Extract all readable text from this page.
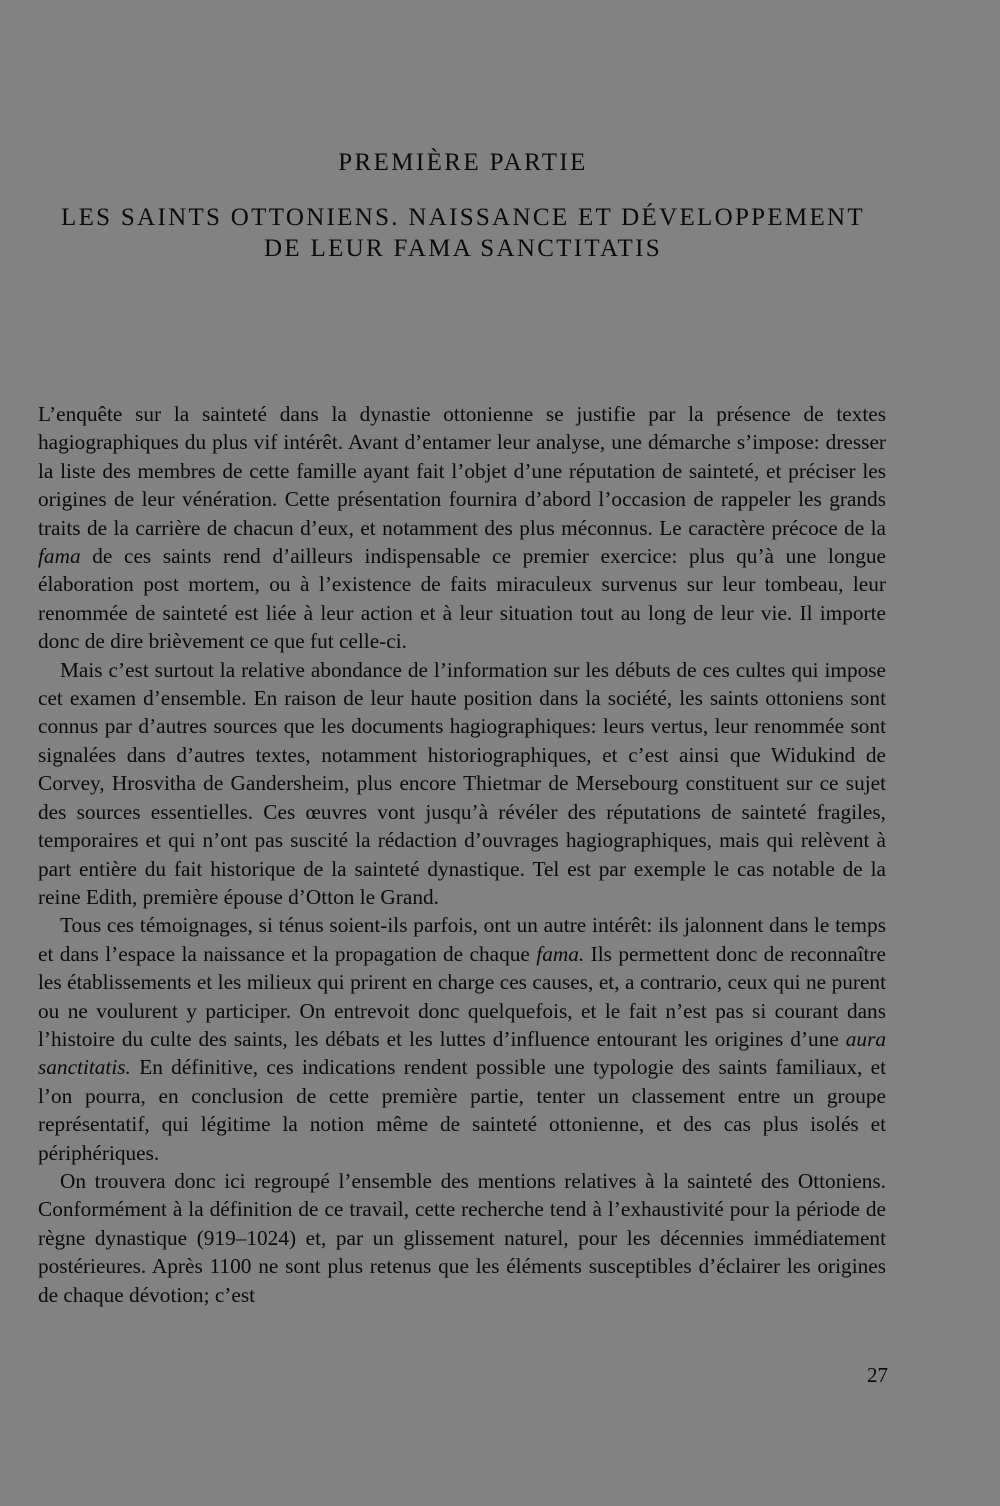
PREMIÈRE PARTIE
LES SAINTS OTTONIENS. NAISSANCE ET DÉVELOPPEMENT
DE LEUR FAMA SANCTITATIS

L’enquête sur la sainteté dans la dynastie ottonienne se justifie par la présence de textes hagiographiques du plus vif intérêt. Avant d’entamer leur analyse, une démarche s’impose: dresser la liste des membres de cette famille ayant fait l’objet d’une réputation de sainteté, et préciser les origines de leur vénération. Cette présentation fournira d’abord l’occasion de rappeler les grands traits de la carrière de chacun d’eux, et notamment des plus méconnus. Le caractère précoce de la fama de ces saints rend d’ailleurs indispensable ce premier exercice: plus qu’à une longue élaboration post mortem, ou à l’existence de faits miraculeux survenus sur leur tombeau, leur renommée de sainteté est liée à leur action et à leur situation tout au long de leur vie. Il importe donc de dire brièvement ce que fut celle-ci.

Mais c’est surtout la relative abondance de l’information sur les débuts de ces cultes qui impose cet examen d’ensemble. En raison de leur haute position dans la société, les saints ottoniens sont connus par d’autres sources que les documents hagiographiques: leurs vertus, leur renommée sont signalées dans d’autres textes, notamment historiographiques, et c’est ainsi que Widukind de Corvey, Hrosvitha de Gandersheim, plus encore Thietmar de Mersebourg constituent sur ce sujet des sources essentielles. Ces œuvres vont jusqu’à révéler des réputations de sainteté fragiles, temporaires et qui n’ont pas suscité la rédaction d’ouvrages hagiographiques, mais qui relèvent à part entière du fait historique de la sainteté dynastique. Tel est par exemple le cas notable de la reine Edith, première épouse d’Otton le Grand.

Tous ces témoignages, si ténus soient-ils parfois, ont un autre intérêt: ils jalonnent dans le temps et dans l’espace la naissance et la propagation de chaque fama. Ils permettent donc de reconnaître les établissements et les milieux qui prirent en charge ces causes, et, a contrario, ceux qui ne purent ou ne voulurent y participer. On entrevoit donc quelquefois, et le fait n’est pas si courant dans l’histoire du culte des saints, les débats et les luttes d’influence entourant les origines d’une aura sanctitatis. En définitive, ces indications rendent possible une typologie des saints familiaux, et l’on pourra, en conclusion de cette première partie, tenter un classement entre un groupe représentatif, qui légitime la notion même de sainteté ottonienne, et des cas plus isolés et périphériques.

On trouvera donc ici regroupé l’ensemble des mentions relatives à la sainteté des Ottoniens. Conformément à la définition de ce travail, cette recherche tend à l’exhaustivité pour la période de règne dynastique (919–1024) et, par un glissement naturel, pour les décennies immédiatement postérieures. Après 1100 ne sont plus retenus que les éléments susceptibles d’éclairer les origines de chaque dévotion; c’est

27
